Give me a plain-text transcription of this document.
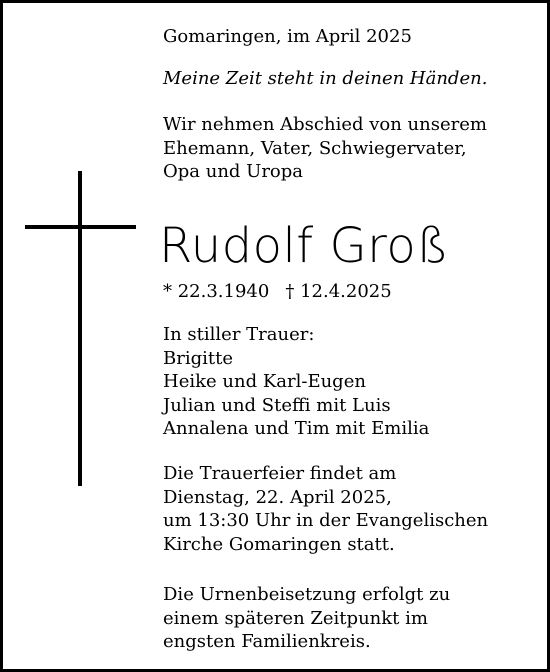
Gomaringen, im April 2025

Meine Zeit steht in deinen Händen.

Wir nehmen Abschied von unserem
Ehemann, Vater, Schwiegervater,
Opa und Uropa

Rudolf Groß

* 22.3.1940 † 12.4.2025

In stiller Trauer:
Brigitte
Heike und Karl-Eugen
Julian und Steffi mit Luis
Annalena und Tim mit Emilia

Die Trauerfeier findet am
Dienstag, 22. April 2025,
um 13:30 Uhr in der Evangelischen
Kirche Gomaringen statt.

Die Urnenbeisetzung erfolgt zu
einem späteren Zeitpunkt im
engsten Familienkreis.
